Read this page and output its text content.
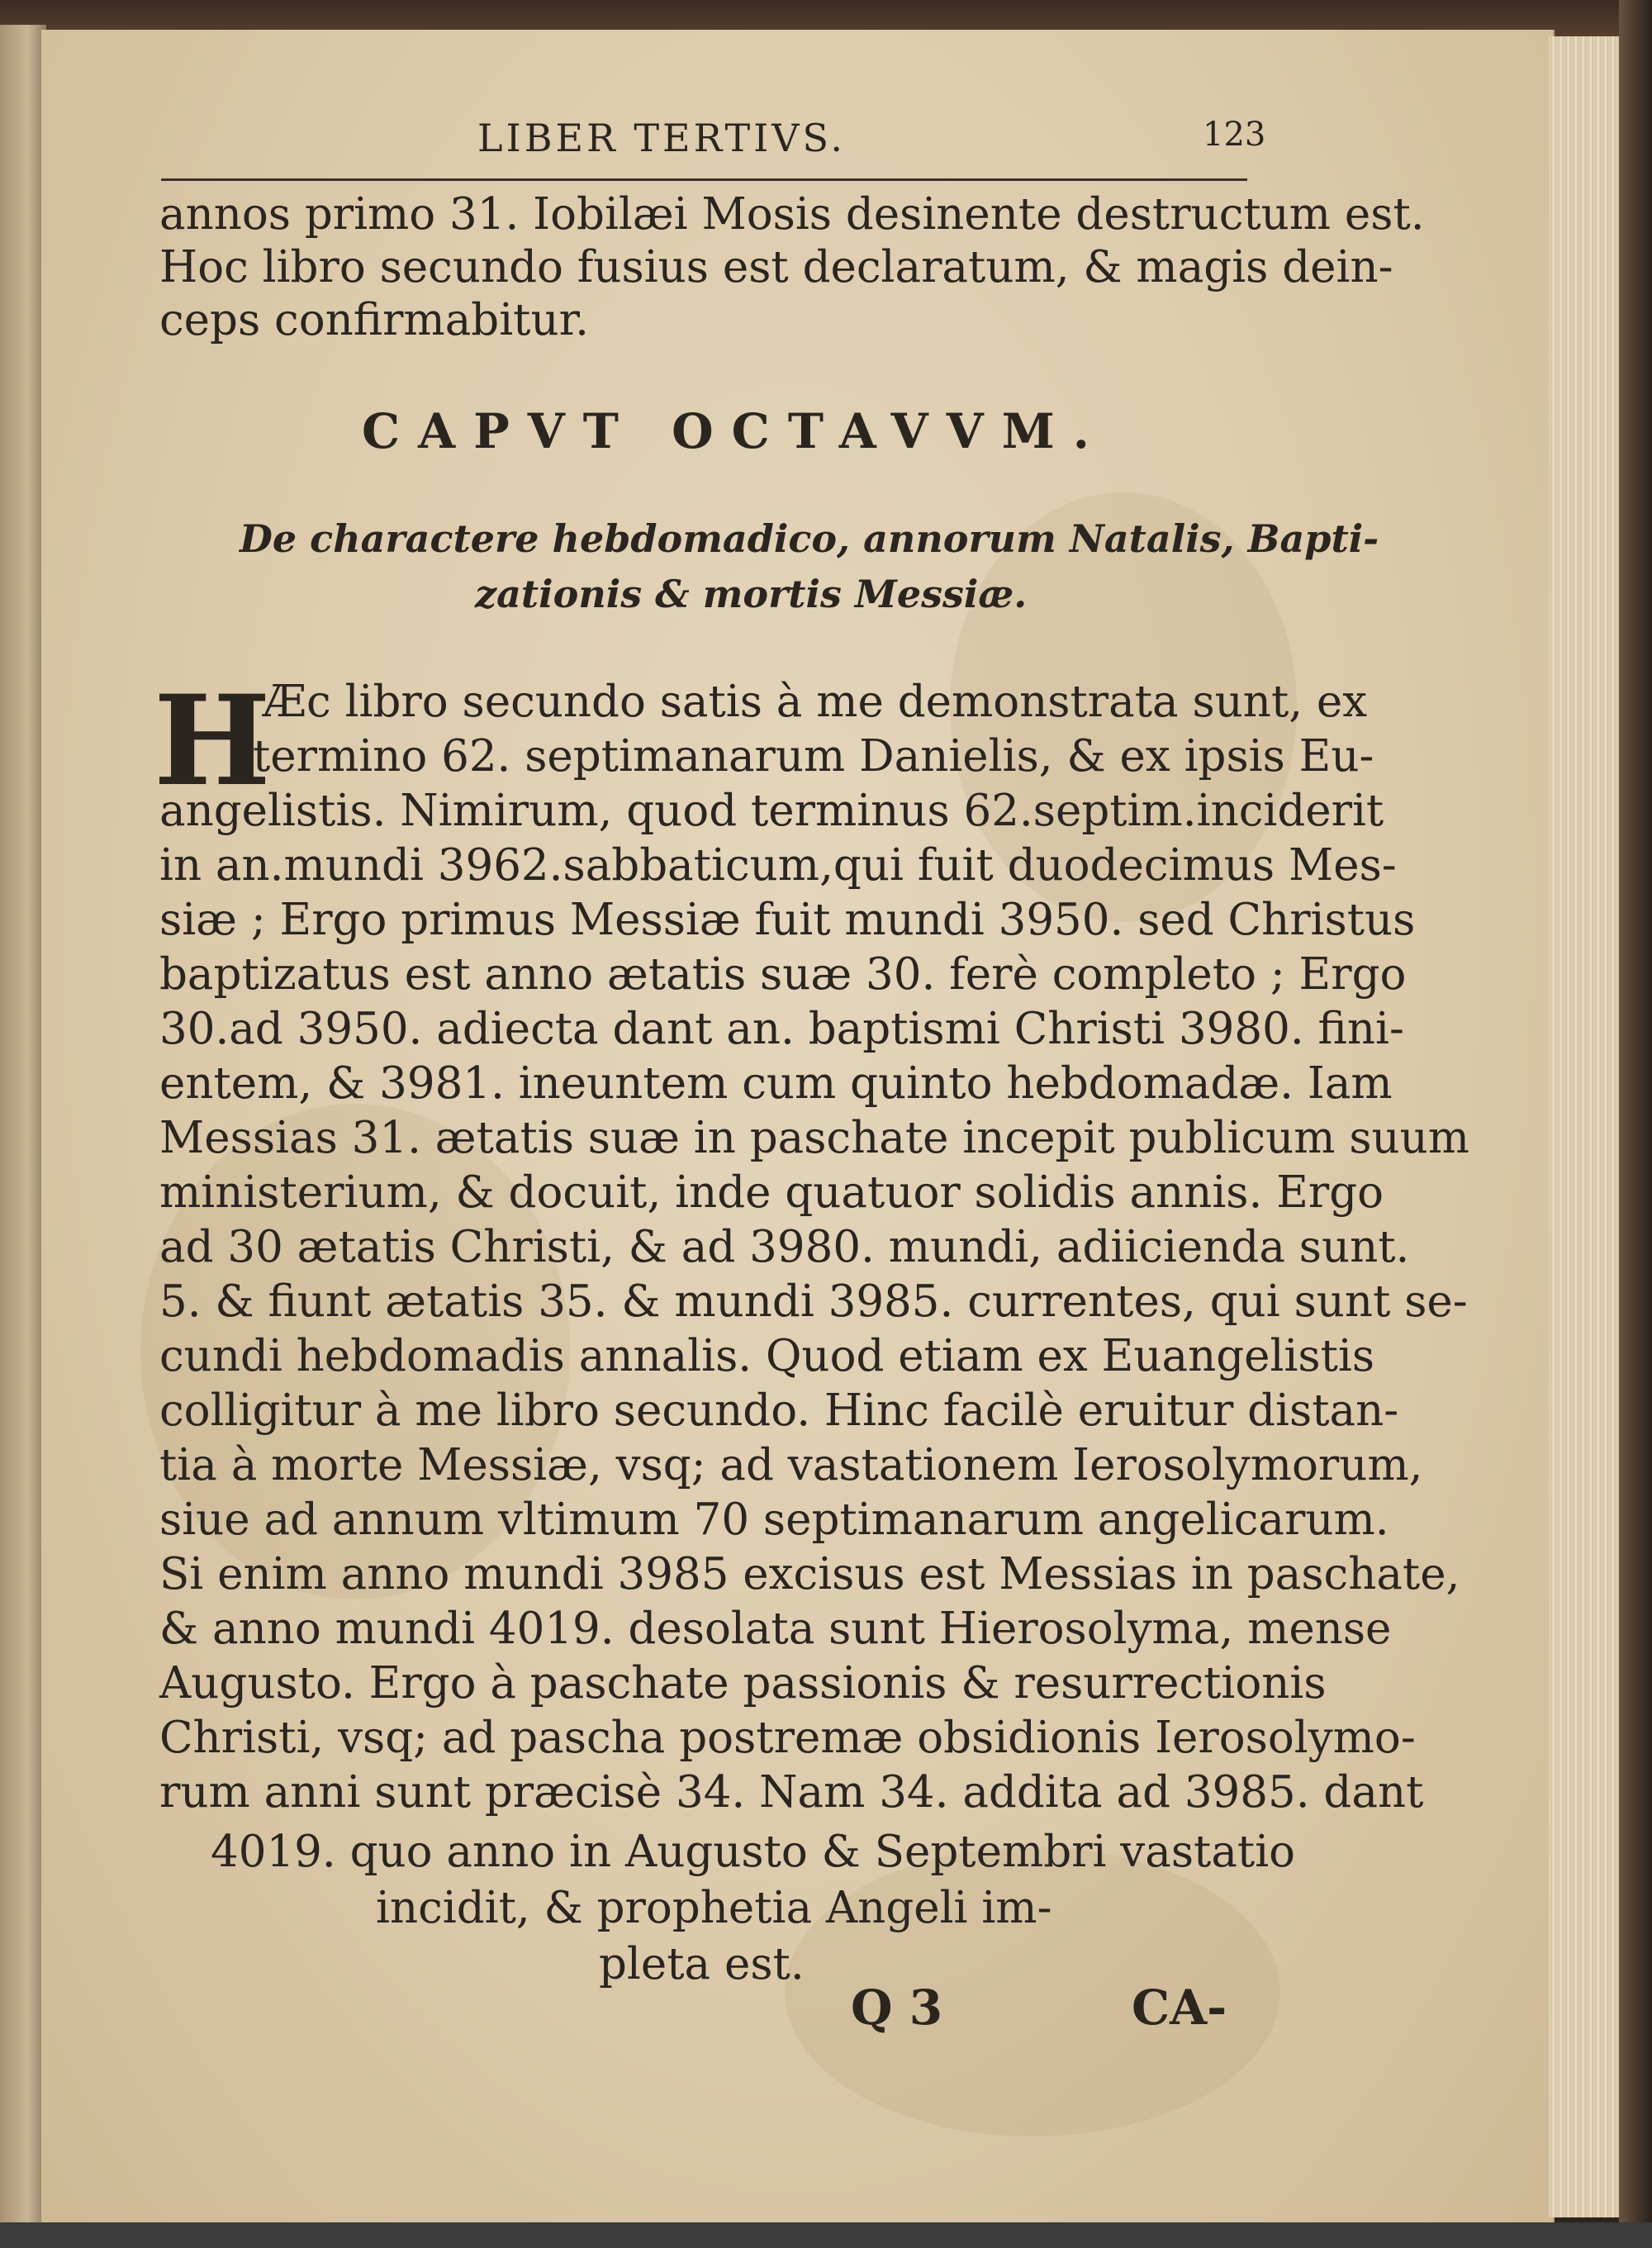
LIBER TERTIVS.	123
annos primo 31. Iobilæi Mosis desinente destructum est.
Hoc libro secundo fusius est declaratum, & magis dein-
ceps confirmabitur.
CAPVT OCTAVVM.
De charactere hebdomadico, annorum Natalis, Bapti-
zationis & mortis Messiæ.
H
Æc libro secundo satis à me demonstrata sunt, ex
termino 62. septimanarum Danielis, & ex ipsis Eu-
angelistis. Nimirum, quod terminus 62.septim.inciderit
in an.mundi 3962.sabbaticum,qui fuit duodecimus Mes-
siæ ; Ergo primus Messiæ fuit mundi 3950. sed Christus
baptizatus est anno ætatis suæ 30. ferè completo ; Ergo
30.ad 3950. adiecta dant an. baptismi Christi 3980. fini-
entem, & 3981. ineuntem cum quinto hebdomadæ. Iam
Messias 31. ætatis suæ in paschate incepit publicum suum
ministerium, & docuit, inde quatuor solidis annis. Ergo
ad 30 ætatis Christi, & ad 3980. mundi, adiicienda sunt.
5. & fiunt ætatis 35. & mundi 3985. currentes, qui sunt se-
cundi hebdomadis annalis. Quod etiam ex Euangelistis
colligitur à me libro secundo. Hinc facilè eruitur distan-
tia à morte Messiæ, vsq; ad vastationem Ierosolymorum,
siue ad annum vltimum 70 septimanarum angelicarum.
Si enim anno mundi 3985 excisus est Messias in paschate,
& anno mundi 4019. desolata sunt Hierosolyma, mense
Augusto. Ergo à paschate passionis & resurrectionis
Christi, vsq; ad pascha postremæ obsidionis Ierosolymo-
rum anni sunt præcisè 34. Nam 34. addita ad 3985. dant
4019. quo anno in Augusto & Septembri vastatio
incidit, & prophetia Angeli im-
pleta est.
Q 3	CA-
